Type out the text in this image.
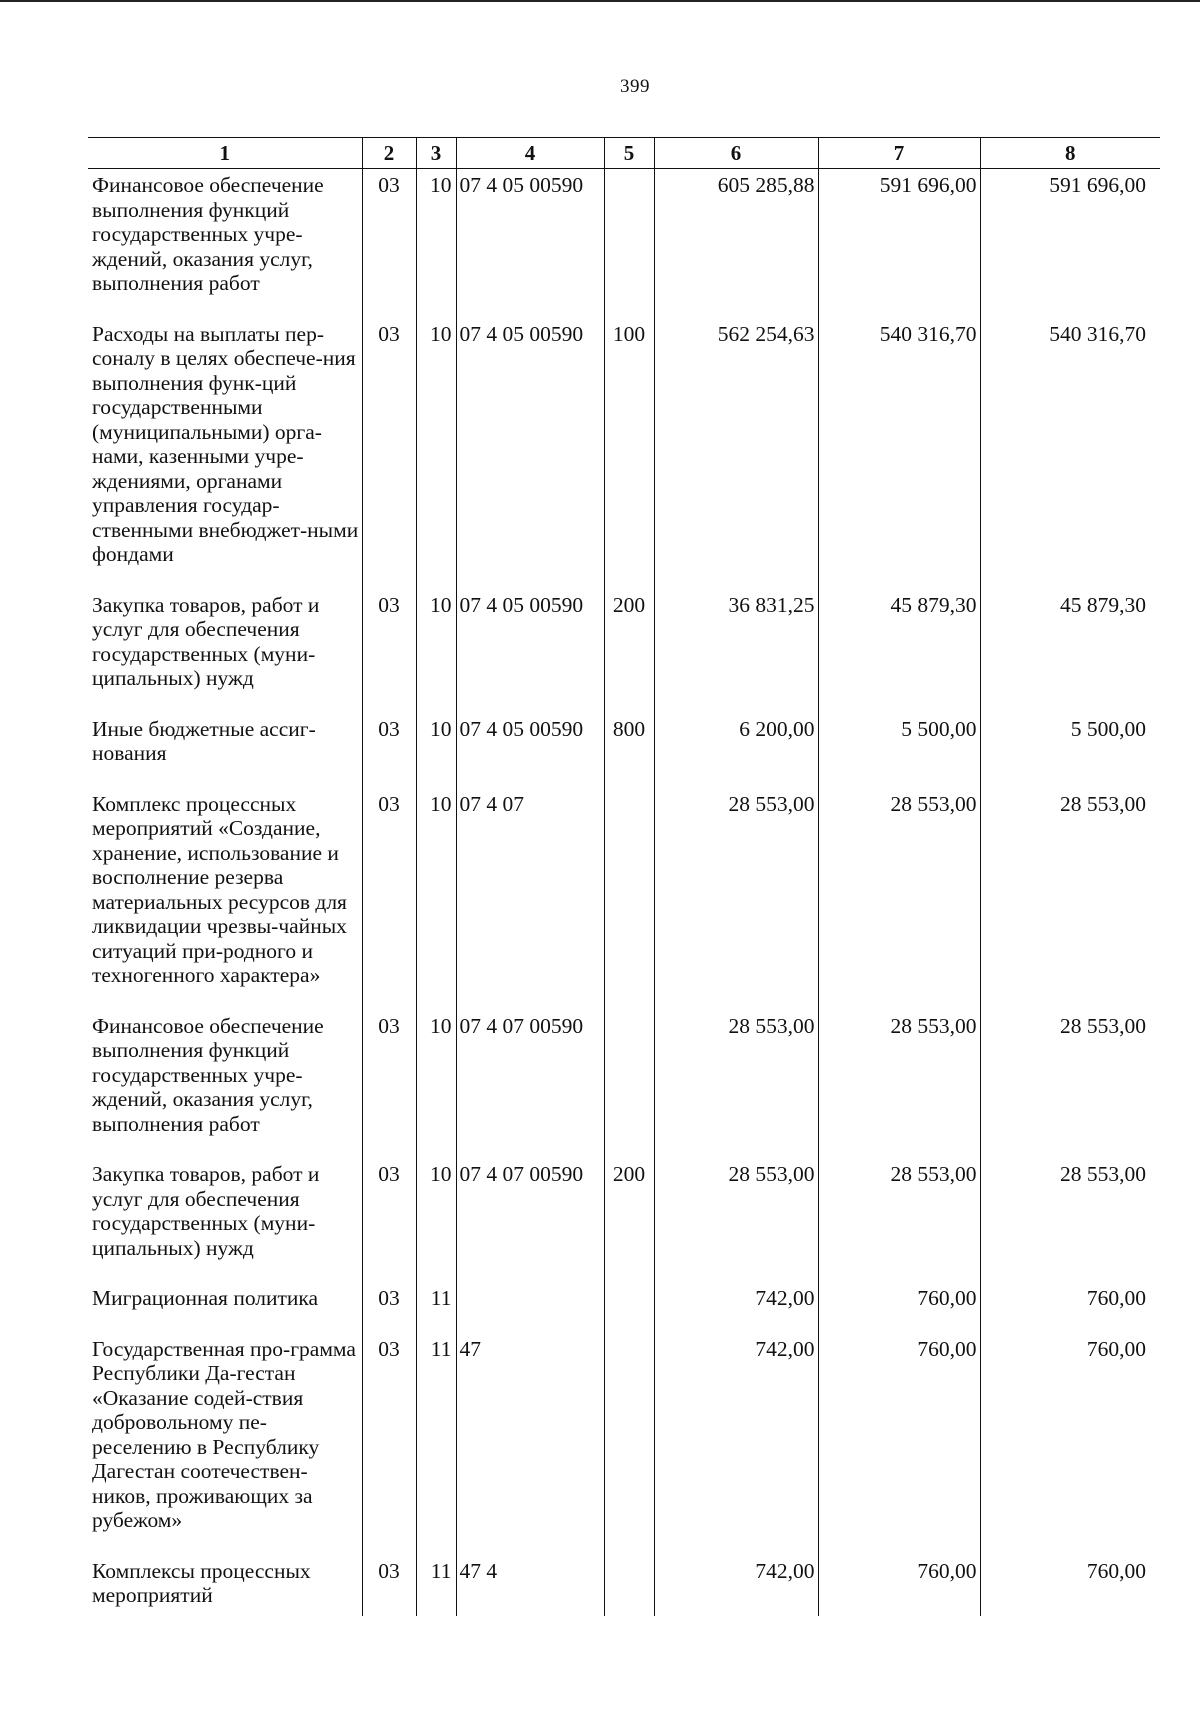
399
1	2	3	4	5	6	7	8
Финансовое обеспечение выполнения функций государственных учре-ждений, оказания услуг, выполнения работ	03	10	07 4 05 00590		605 285,88	591 696,00	591 696,00
Расходы на выплаты пер-соналу в целях обеспече-ния выполнения функ-ций государственными (муниципальными) орга-нами, казенными учре-ждениями, органами управления государ-ственными внебюджет-ными фондами	03	10	07 4 05 00590	100	562 254,63	540 316,70	540 316,70
Закупка товаров, работ и услуг для обеспечения государственных (муни-ципальных) нужд	03	10	07 4 05 00590	200	36 831,25	45 879,30	45 879,30
Иные бюджетные ассиг-нования	03	10	07 4 05 00590	800	6 200,00	5 500,00	5 500,00
Комплекс процессных мероприятий «Создание, хранение, использование и восполнение резерва материальных ресурсов для ликвидации чрезвы-чайных ситуаций при-родного и техногенного характера»	03	10	07 4 07		28 553,00	28 553,00	28 553,00
Финансовое обеспечение выполнения функций государственных учре-ждений, оказания услуг, выполнения работ	03	10	07 4 07 00590		28 553,00	28 553,00	28 553,00
Закупка товаров, работ и услуг для обеспечения государственных (муни-ципальных) нужд	03	10	07 4 07 00590	200	28 553,00	28 553,00	28 553,00
Миграционная политика	03	11			742,00	760,00	760,00
Государственная про-грамма Республики Да-гестан «Оказание содей-ствия добровольному пе-реселению в Республику Дагестан соотечествен-ников, проживающих за рубежом»	03	11	47		742,00	760,00	760,00
Комплексы процессных мероприятий	03	11	47 4		742,00	760,00	760,00
